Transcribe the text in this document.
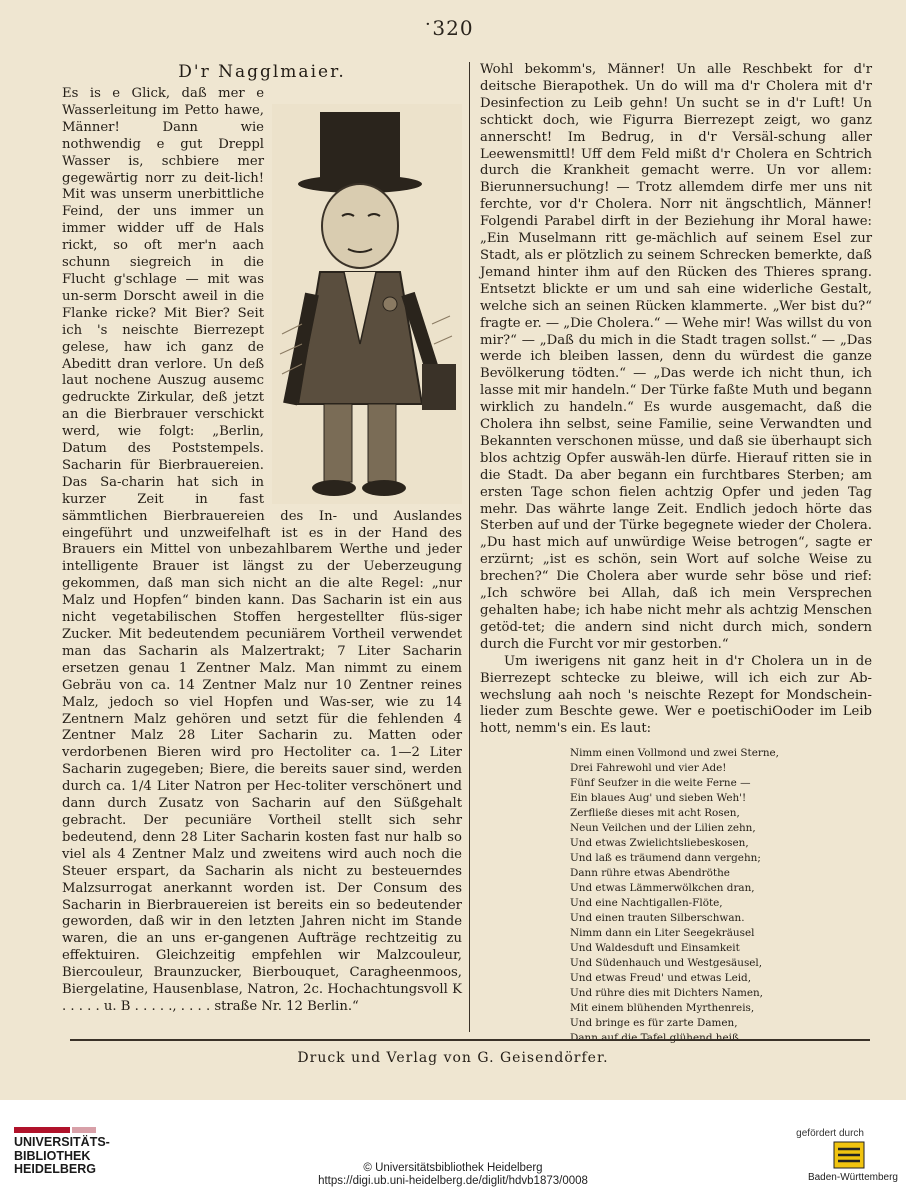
· 320
D'r Nagglmaier.

Es is e Glick, daß mer e Wasserleitung im Petto hawe, Männer! Dann wie nothwendig e gut Dreppl Wasser is, schbiere mer gegewärtig norr zu deit-lich! Mit was unserm unerbittliche Feind, der uns immer un immer widder uff de Hals rickt, so oft mer'n aach schunn siegreich in die Flucht g'schlage — mit was un-serm Dorscht aweil in die Flanke ricke? Mit Bier? Seit ich 's neischte Bierrezept gelese, haw ich ganz de Abeditt dran verlore. Un deß laut nochene Auszug ausemc gedruckte Zirkular, deß jetzt an die Bierbrauer verschickt werd, wie folgt: „Berlin, Datum des Poststempels. Sacharin für Bierbrauereien. Das Sa-charin hat sich in kurzer Zeit in fast sämmtlichen Bierbrauereien des In- und Auslandes eingeführt und unzweifelhaft ist es in der Hand des Brauers ein Mittel von unbezahlbarem Werthe und jeder intelligente Brauer ist längst zu der Ueberzeugung gekommen, daß man sich nicht an die alte Regel: „nur Malz und Hopfen“ binden kann. Das Sacharin ist ein aus nicht vegetabilischen Stoffen hergestellter flüs-siger Zucker. Mit bedeutendem pecuniärem Vortheil verwendet man das Sacharin als Malzertrakt; 7 Liter Sacharin ersetzen genau 1 Zentner Malz. Man nimmt zu einem Gebräu von ca. 14 Zentner Malz nur 10 Zentner reines Malz, jedoch so viel Hopfen und Was-ser, wie zu 14 Zentnern Malz gehören und setzt für die fehlenden 4 Zentner Malz 28 Liter Sacharin zu. Matten oder verdorbenen Bieren wird pro Hectoliter ca. 1—2 Liter Sacharin zugegeben; Biere, die bereits sauer sind, werden durch ca. 1/4 Liter Natron per Hec-toliter verschönert und dann durch Zusatz von Sacharin auf den Süßgehalt gebracht. Der pecuniäre Vortheil stellt sich sehr bedeutend, denn 28 Liter Sacharin kosten fast nur halb so viel als 4 Zentner Malz und zweitens wird auch noch die Steuer erspart, da Sacharin als nicht zu besteuerndes Malzsurrogat anerkannt worden ist. Der Consum des Sacharin in Bierbrauereien ist bereits ein so bedeutender geworden, daß wir in den letzten Jahren nicht im Stande waren, die an uns er-gangenen Aufträge rechtzeitig zu effektuiren. Gleichzeitig empfehlen wir Malzcouleur, Biercouleur, Braunzucker, Bierbouquet, Caragheenmoos, Biergelatine, Hausenblase, Natron, 2c. Hochachtungsvoll K . . . . . u. B . . . . ., . . . . straße Nr. 12 Berlin.“

Wohl bekomm's, Männer! Un alle Reschbekt for d'r deitsche Bierapothek. Un do will ma d'r Cholera mit d'r Desinfection zu Leib gehn! Un sucht se in d'r Luft! Un schtickt doch, wie Figurra Bierrezept zeigt, wo ganz annerscht! Im Bedrug, in d'r Versäl-schung aller Leewensmittl! Uff dem Feld mißt d'r Cholera en Schtrich durch die Krankheit gemacht werre. Un vor allem: Bierunnersuchung! — Trotz allemdem dirfe mer uns nit ferchte, vor d'r Cholera. Norr nit ängschtlich, Männer! Folgendi Parabel dirft in der Beziehung ihr Moral hawe: „Ein Muselmann ritt ge-mächlich auf seinem Esel zur Stadt, als er plötzlich zu seinem Schrecken bemerkte, daß Jemand hinter ihm auf den Rücken des Thieres sprang. Entsetzt blickte er um und sah eine widerliche Gestalt, welche sich an seinen Rücken klammerte. „Wer bist du?“ fragte er. — „Die Cholera.“ — Wehe mir! Was willst du von mir?“ — „Daß du mich in die Stadt tragen sollst.“ — „Das werde ich bleiben lassen, denn du würdest die ganze Bevölkerung tödten.“ — „Das werde ich nicht thun, ich lasse mit mir handeln.“ Der Türke faßte Muth und begann wirklich zu handeln.“ Es wurde ausgemacht, daß die Cholera ihn selbst, seine Familie, seine Verwandten und Bekannten verschonen müsse, und daß sie überhaupt sich blos achtzig Opfer auswäh-len dürfe. Hierauf ritten sie in die Stadt. Da aber begann ein furchtbares Sterben; am ersten Tage schon fielen achtzig Opfer und jeden Tag mehr. Das währte lange Zeit. Endlich jedoch hörte das Sterben auf und der Türke begegnete wieder der Cholera. „Du hast mich auf unwürdige Weise betrogen“, sagte er erzürnt; „ist es schön, sein Wort auf solche Weise zu brechen?“ Die Cholera aber wurde sehr böse und rief: „Ich schwöre bei Allah, daß ich mein Versprechen gehalten habe; ich habe nicht mehr als achtzig Menschen getöd-tet; die andern sind nicht durch mich, sondern durch die Furcht vor mir gestorben.“

Um iwerigens nit ganz heit in d'r Cholera un in de Bierrezept schtecke zu bleiwe, will ich eich zur Ab-wechslung aah noch 's neischte Rezept for Mondschein-lieder zum Beschte gewe. Wer e poetischiOoder im Leib hott, nemm's ein. Es laut:

Nimm einen Vollmond und zwei Sterne,
Drei Fahrewohl und vier Ade!
Fünf Seufzer in die weite Ferne —
Ein blaues Aug' und sieben Weh'!
Zerfließe dieses mit acht Rosen,
Neun Veilchen und der Lilien zehn,
Und etwas Zwielichtsliebeskosen,
Und laß es träumend dann vergehn;
Dann rühre etwas Abendröthe
Und etwas Lämmerwölkchen dran,
Und eine Nachtigallen-Flöte,
Und einen trauten Silberschwan.
Nimm dann ein Liter Seegekräusel
Und Waldesduft und Einsamkeit
Und Südenhauch und Westgesäusel,
Und etwas Freud' und etwas Leid,
Und rühre dies mit Dichters Namen,
Mit einem blühenden Myrthenreis,
Und bringe es für zarte Damen,
Druck und Verlag von G. Geisendörfer.
UNIVERSITÄTS-
BIBLIOTHEK
HEIDELBERG	© Universitätsbibliothek Heidelberg
https://digi.ub.uni-heidelberg.de/diglit/hdvb1873/0008
gefördert durch
Baden-Württemberg
